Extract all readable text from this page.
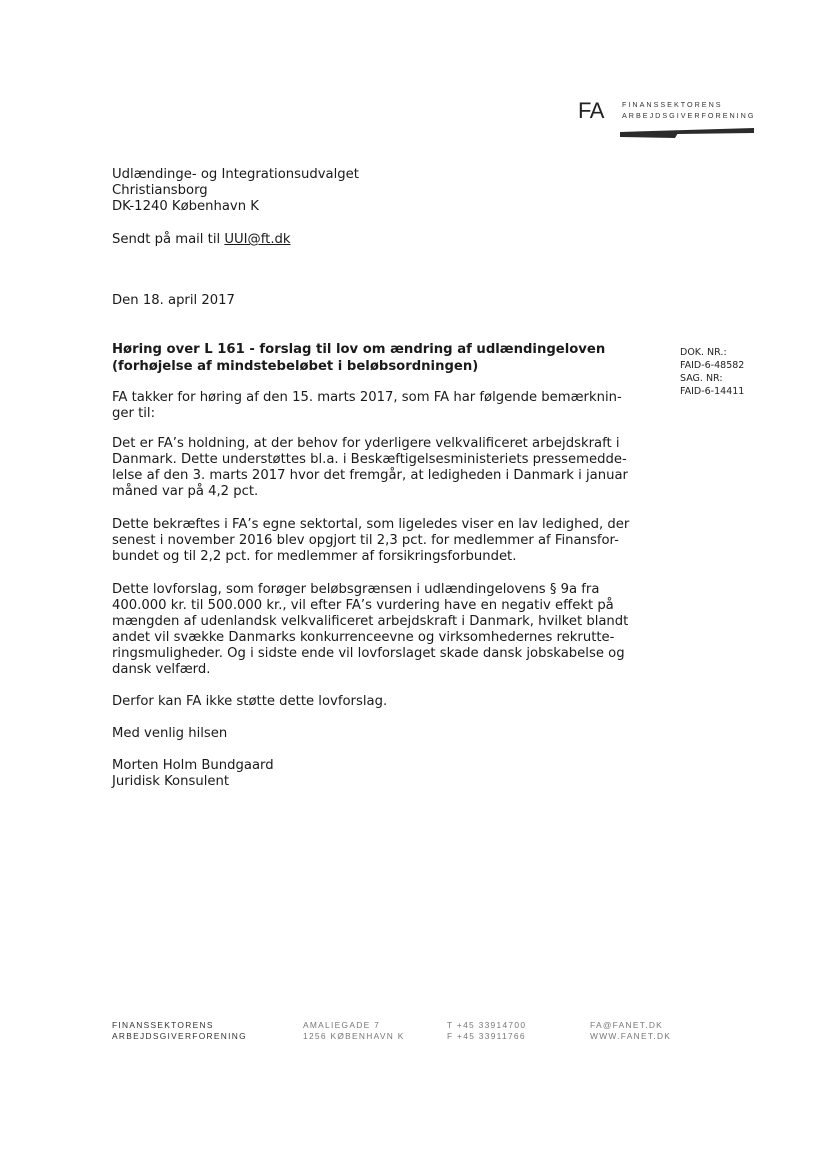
FA	FINANSSEKTORENS
ARBEJDSGIVERFORENING
Udlændinge- og Integrationsudvalget
Christiansborg
DK-1240 København K
Sendt på mail til UUI@ft.dk
Den 18. april 2017
Høring over L 161 - forslag til lov om ændring af udlændingeloven
(forhøjelse af mindstebeløbet i beløbsordningen)
DOK. NR.:
FAID-6-48582
SAG. NR:
FAID-6-14411
FA takker for høring af den 15. marts 2017, som FA har følgende bemærknin-
ger til:
Det er FA’s holdning, at der behov for yderligere velkvalificeret arbejdskraft i
Danmark. Dette understøttes bl.a. i Beskæftigelsesministeriets pressemedde-
lelse af den 3. marts 2017 hvor det fremgår, at ledigheden i Danmark i januar
måned var på 4,2 pct.
Dette bekræftes i FA’s egne sektortal, som ligeledes viser en lav ledighed, der
senest i november 2016 blev opgjort til 2,3 pct. for medlemmer af Finansfor-
bundet og til 2,2 pct. for medlemmer af forsikringsforbundet.
Dette lovforslag, som forøger beløbsgrænsen i udlændingelovens § 9a fra
400.000 kr. til 500.000 kr., vil efter FA’s vurdering have en negativ effekt på
mængden af udenlandsk velkvalificeret arbejdskraft i Danmark, hvilket blandt
andet vil svække Danmarks konkurrenceevne og virksomhedernes rekrutte-
ringsmuligheder. Og i sidste ende vil lovforslaget skade dansk jobskabelse og
dansk velfærd.
Derfor kan FA ikke støtte dette lovforslag.
Med venlig hilsen
Morten Holm Bundgaard
Juridisk Konsulent
FINANSSEKTORENS
ARBEJDSGIVERFORENING
AMALIEGADE 7
1256 KØBENHAVN K
T +45 33914700
F +45 33911766
FA@FANET.DK
WWW.FANET.DK
